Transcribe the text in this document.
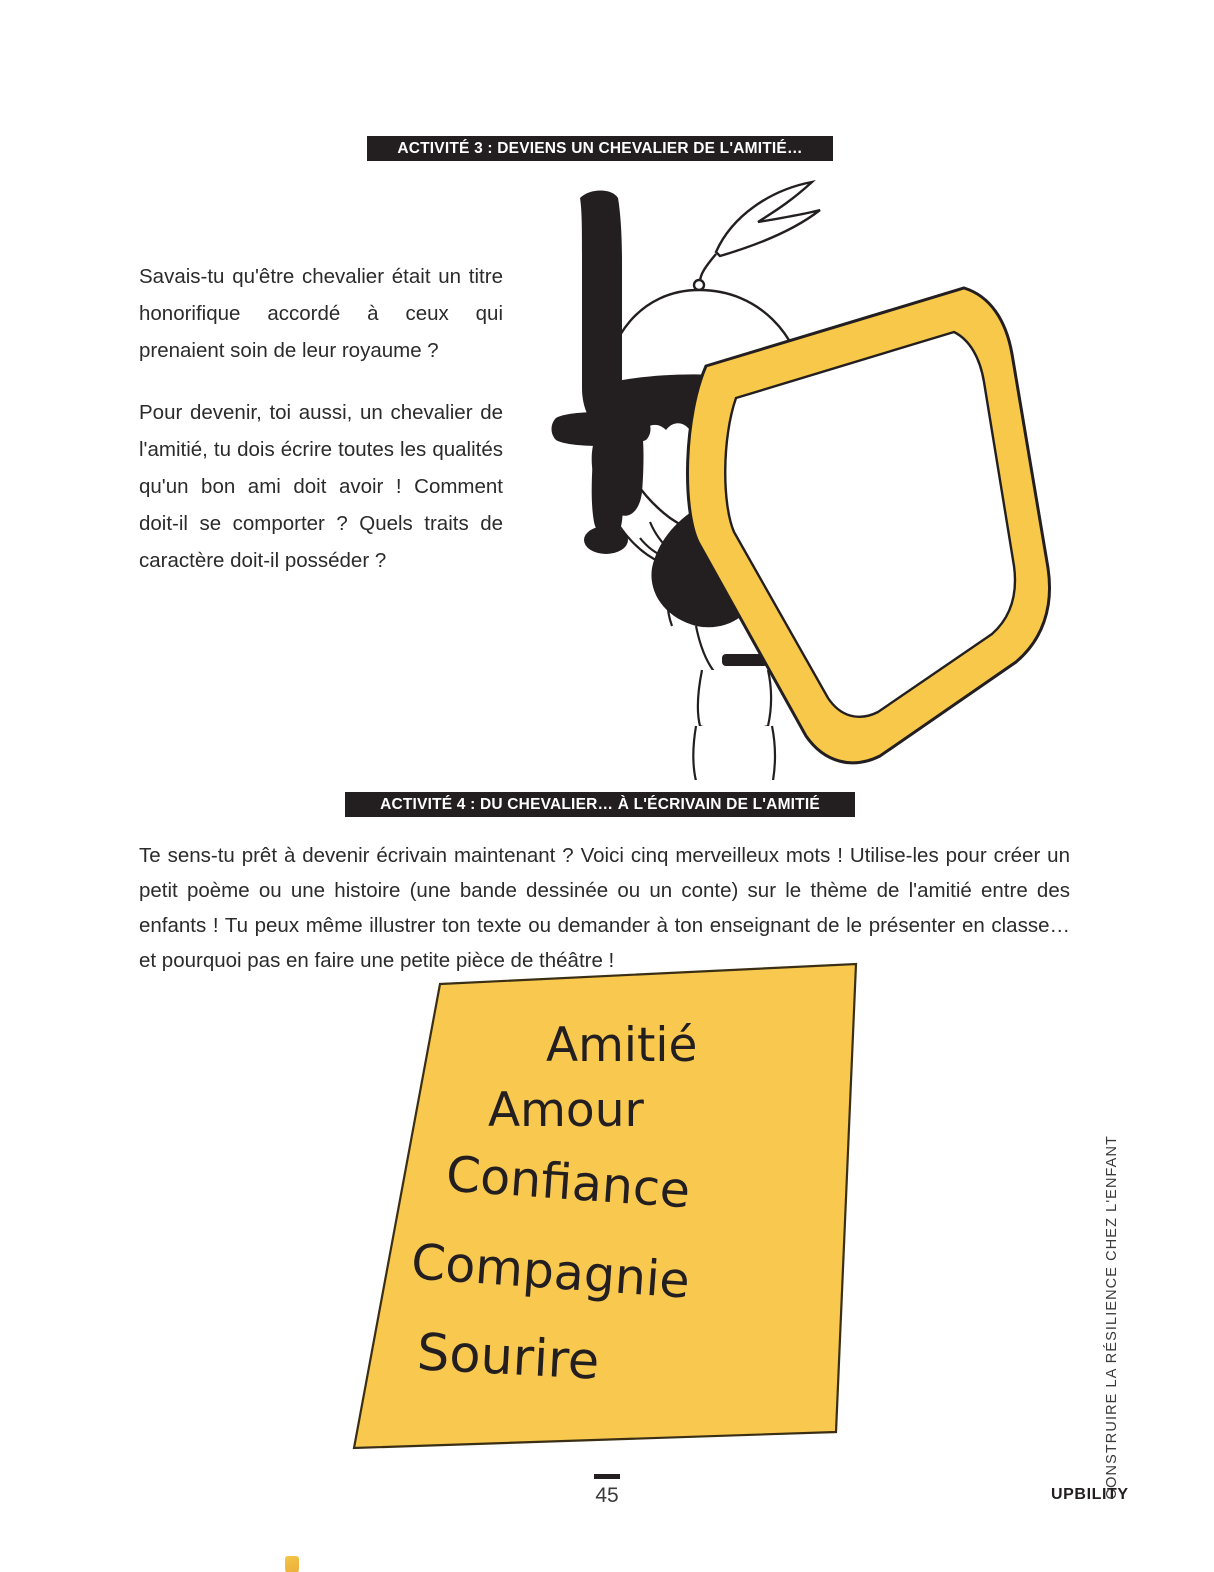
ACTIVITÉ 3 : DEVIENS UN CHEVALIER DE L'AMITIÉ…
Savais-tu qu'être chevalier était un titre honorifique accordé à ceux qui prenaient soin de leur royaume ?
Pour devenir, toi aussi, un chevalier de l'amitié, tu dois écrire toutes les qualités qu'un bon ami doit avoir ! Comment doit-il se comporter ? Quels traits de caractère doit-il posséder ?
ACTIVITÉ 4 : DU CHEVALIER… À L'ÉCRIVAIN DE L'AMITIÉ
Te sens-tu prêt à devenir écrivain maintenant ? Voici cinq merveilleux mots ! Utilise-les pour créer un petit poème ou une histoire (une bande dessinée ou un conte) sur le thème de l'amitié entre des enfants ! Tu peux même illustrer ton texte ou demander à ton enseignant de le présenter en classe… et pourquoi pas en faire une petite pièce de théâtre !
Amitié
Amour
Confiance
Compagnie
Sourire
45	UPBILITY
CONSTRUIRE LA RÉSILIENCE CHEZ L'ENFANT
